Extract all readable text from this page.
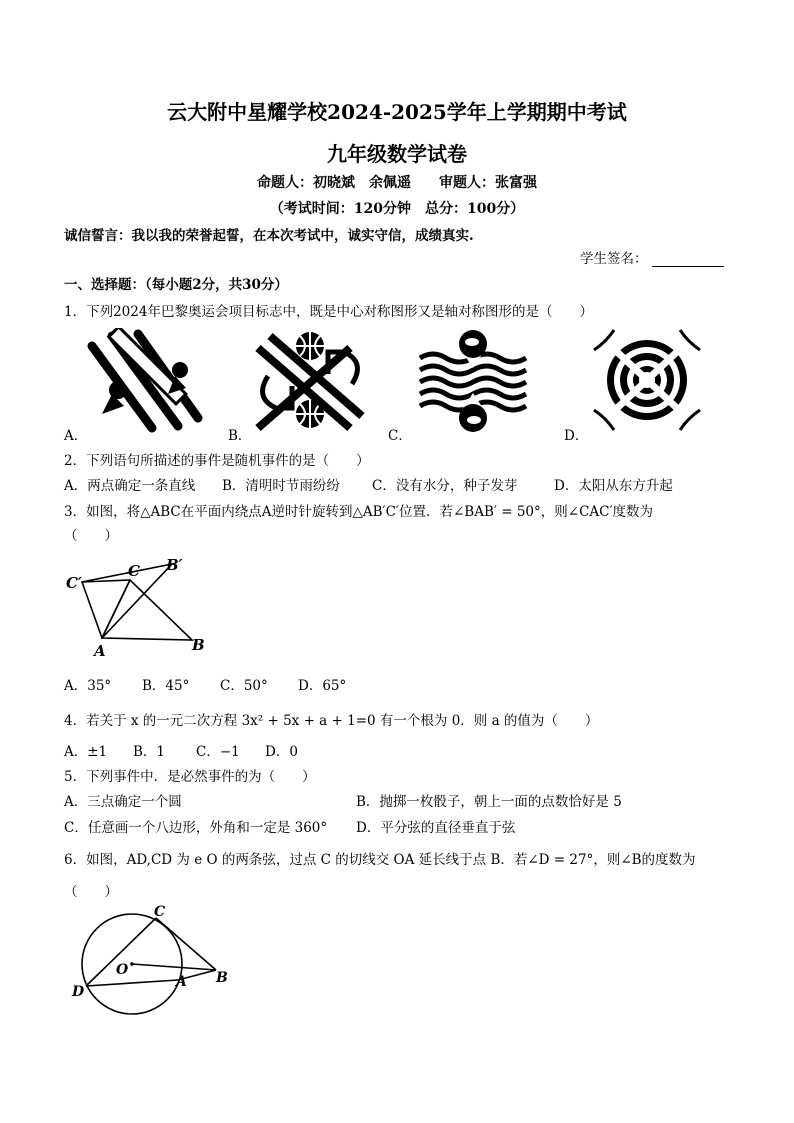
云大附中星耀学校2024-2025学年上学期期中考试
九年级数学试卷
命题人：初晓斌　余佩遥　　审题人：张富强
（考试时间：120分钟　总分：100分）
诚信誓言：我以我的荣誉起誓，在本次考试中，诚实守信，成绩真实.
学生签名：
一、选择题：（每小题2分，共30分）
1．下列2024年巴黎奥运会项目标志中，既是中心对称图形又是轴对称图形的是（　　）
A．	B．	C．	D．
2．下列语句所描述的事件是随机事件的是（　　）
A．两点确定一条直线 B．清明时节雨纷纷 C．没有水分，种子发芽	D．太阳从东方升起
3．如图，将△ABC在平面内绕点A逆时针旋转到△AB′C′位置．若∠BAB′ = 50°，则∠CAC′度数为
（　　）
C′
C B′
A	B
A．35° B．45° C．50° D．65°
4．若关于 x 的一元二次方程 3x² + 5x + a + 1=0 有一个根为 0．则 a 的值为（　　）
A．±1 B．1 C．−1 D．0
5．下列事件中．是必然事件的为（　　）
A．三点确定一个圆	B．抛掷一枚骰子，朝上一面的点数恰好是 5
C．任意画一个八边形，外角和一定是 360° D．平分弦的直径垂直于弦
6．如图，AD,CD 为 e O 的两条弦，过点 C 的切线交 OA 延长线于点 B．若∠D = 27°，则∠B的度数为
（　　）
C
O
A B
D
